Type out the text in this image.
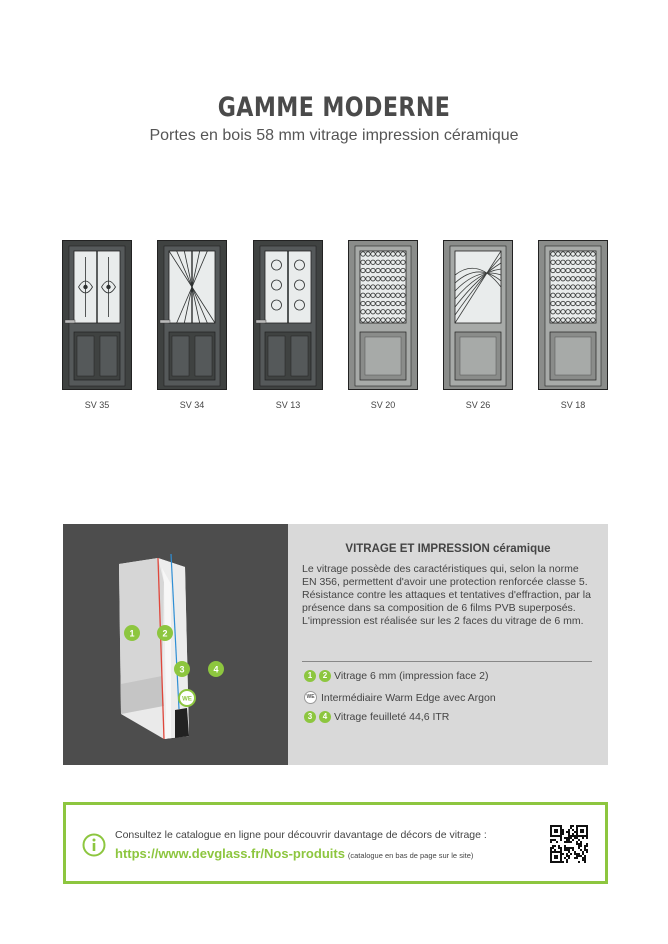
GAMME MODERNE
Portes en bois 58 mm vitrage impression céramique
SV 35	SV 34	SV 13	SV 20	SV 26	SV 18
1	2
3	4
WE
VITRAGE ET IMPRESSION céramique
Le vitrage possède des caractéristiques qui, selon la norme EN 356, permettent d'avoir une protection renforcée classe 5. Résistance contre les attaques et tentatives d'effraction, par la présence dans sa composition de 6 films PVB superposés. L'impression est réalisée sur les 2 faces du vitrage de 6 mm.
1	2 Vitrage 6 mm (impression face 2)
WE Intermédiaire Warm Edge avec Argon
3	4 Vitrage feuilleté 44,6 ITR
Consultez le catalogue en ligne pour découvrir davantage de décors de vitrage :
https://www.devglass.fr/Nos-produits (catalogue en bas de page sur le site)
